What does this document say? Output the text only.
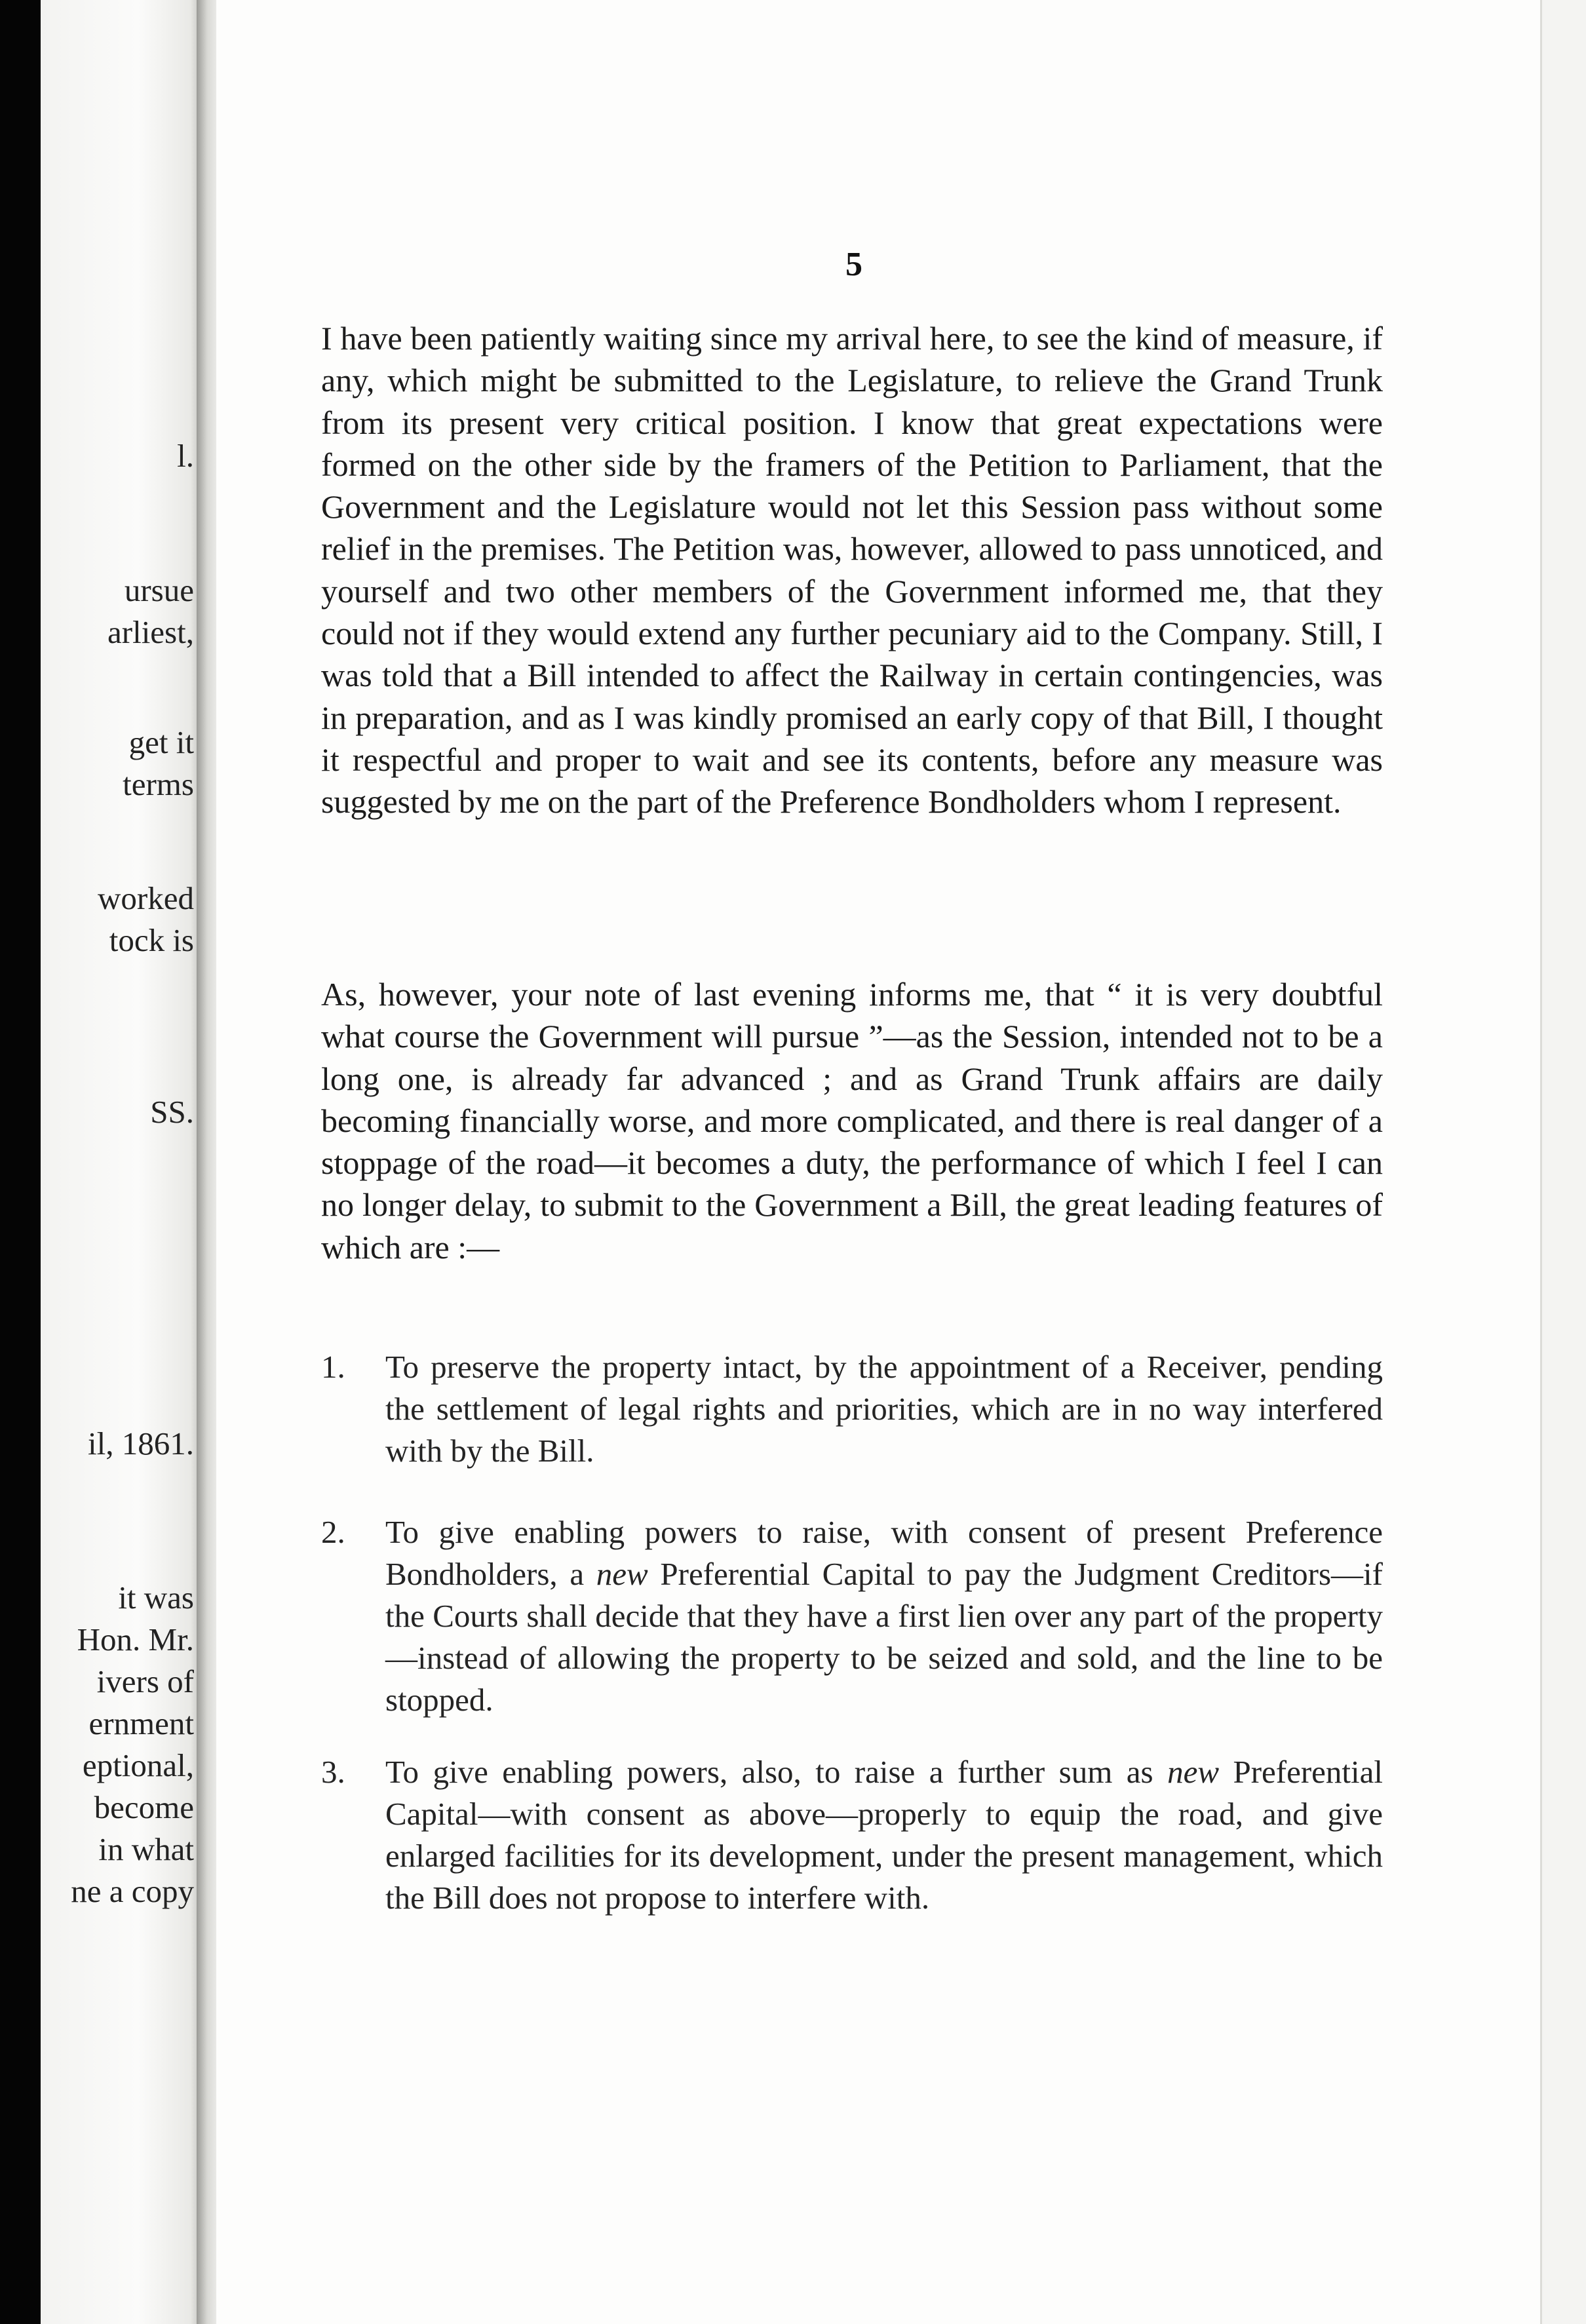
l.
ursue
arliest,
get it
terms
worked
tock is
SS.
il, 1861.
it was
Hon. Mr.
ivers of
ernment
eptional,
become
in what
ne a copy
5

I have been patiently waiting since my arrival here, to see the kind of measure, if any, which might be submitted to the Legislature, to relieve the Grand Trunk from its present very critical position. I know that great expectations were formed on the other side by the framers of the Petition to Parliament, that the Government and the Legislature would not let this Session pass without some relief in the premises. The Petition was, however, allowed to pass unnoticed, and yourself and two other members of the Government informed me, that they could not if they would extend any further pecuniary aid to the Company. Still, I was told that a Bill intended to affect the Railway in certain contingencies, was in preparation, and as I was kindly promised an early copy of that Bill, I thought it respectful and proper to wait and see its contents, before any measure was suggested by me on the part of the Preference Bondholders whom I represent.

As, however, your note of last evening informs me, that “ it is very doubtful what course the Government will pursue ”—as the Session, intended not to be a long one, is already far advanced ; and as Grand Trunk affairs are daily becoming financially worse, and more complicated, and there is real danger of a stoppage of the road—it becomes a duty, the performance of which I feel I can no longer delay, to submit to the Government a Bill, the great leading features of which are :—

1.	To preserve the property intact, by the appointment of a Receiver, pending the settlement of legal rights and priorities, which are in no way interfered with by the Bill.
2.	To give enabling powers to raise, with consent of present Preference Bondholders, a new Preferential Capital to pay the Judgment Creditors—if the Courts shall decide that they have a first lien over any part of the property—instead of allowing the property to be seized and sold, and the line to be stopped.
3.	To give enabling powers, also, to raise a further sum as new Preferential Capital—with consent as above—properly to equip the road, and give enlarged facilities for its development, under the present management, which the Bill does not propose to interfere with.
